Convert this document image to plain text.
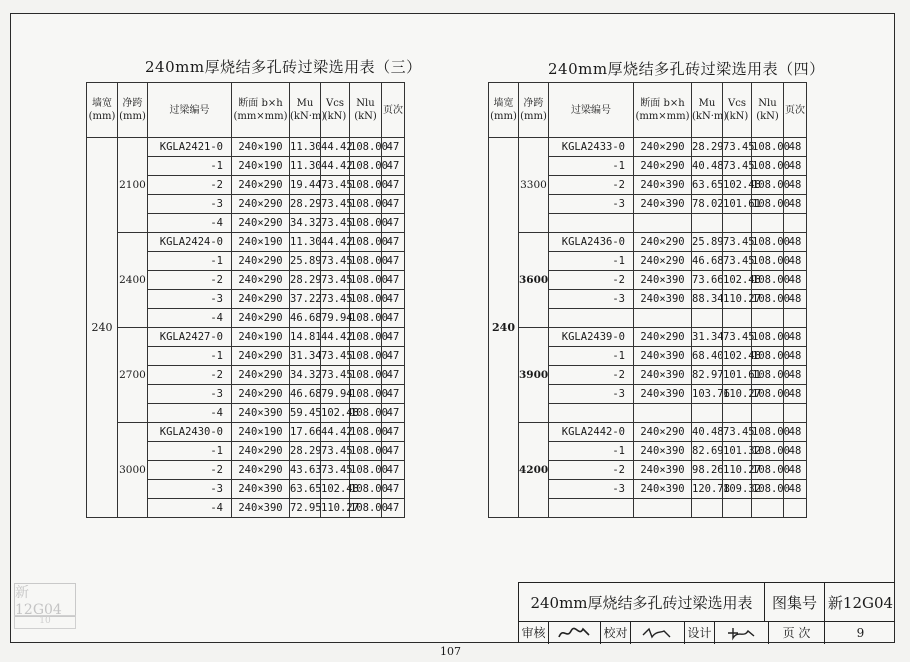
新12G04
10
240mm厚烧结多孔砖过梁选用表（三）
墙宽(mm)	净跨(mm)	过梁编号	断面 b×h (mm×mm)	Mu (kN·m)	Vcs (kN)	Nlu (kN)	页次
240	2100	KGLA2421-0	240×190	11.30	44.42	108.00	47
		-1	240×190	11.30	44.42	108.00	47
		-2	240×290	19.44	73.45	108.00	47
		-3	240×290	28.29	73.45	108.00	47
		-4	240×290	34.32	73.45	108.00	47
	2400	KGLA2424-0	240×190	11.30	44.42	108.00	47
		-1	240×290	25.89	73.45	108.00	47
		-2	240×290	28.29	73.45	108.00	47
		-3	240×290	37.22	73.45	108.00	47
		-4	240×290	46.68	79.94	108.00	47
	2700	KGLA2427-0	240×190	14.81	44.42	108.00	47
		-1	240×290	31.34	73.45	108.00	47
		-2	240×290	34.32	73.45	108.00	47
		-3	240×290	46.68	79.94	108.00	47
		-4	240×390	59.45	102.48	108.00	47
	3000	KGLA2430-0	240×190	17.66	44.42	108.00	47
		-1	240×290	28.29	73.45	108.00	47
		-2	240×290	43.63	73.45	108.00	47
		-3	240×390	63.65	102.48	108.00	47
		-4	240×390	72.95	110.27	108.00	47
240mm厚烧结多孔砖过梁选用表（四）
墙宽(mm)	净跨(mm)	过梁编号	断面 b×h (mm×mm)	Mu (kN·m)	Vcs (kN)	Nlu (kN)	页次
240	3300	KGLA2433-0	240×290	28.29	73.45	108.00	48
		-1	240×290	40.48	73.45	108.00	48
		-2	240×390	63.65	102.48	108.00	48
		-3	240×390	78.02	101.61	108.00	48

	3600	KGLA2436-0	240×290	25.89	73.45	108.00	48
		-1	240×290	46.68	73.45	108.00	48
		-2	240×390	73.66	102.48	108.00	48
		-3	240×390	88.34	110.27	108.00	48

	3900	KGLA2439-0	240×290	31.34	73.45	108.00	48
		-1	240×390	68.40	102.48	108.00	48
		-2	240×390	82.97	101.61	108.00	48
		-3	240×390	103.76	110.27	108.00	48

	4200	KGLA2442-0	240×290	40.48	73.45	108.00	48
		-1	240×390	82.69	101.32	108.00	48
		-2	240×390	98.26	110.27	108.00	48
		-3	240×390	120.78	109.32	108.00	48

240mm厚烧结多孔砖过梁选用表	图集号 新12G04
审核	校对	设计	页 次	9
107
